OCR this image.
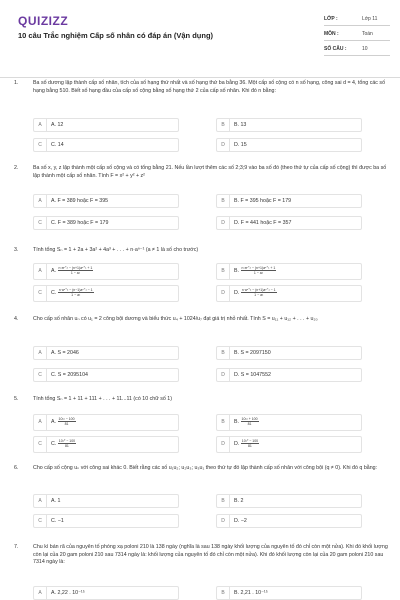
QUIZIZZ
10 câu Trắc nghiệm Cấp số nhân có đáp án (Vận dụng)
LỚP :	Lớp 11
MÔN :	Toán
SỐ CÂU :	10
1.	Ba số dương lập thành cấp số nhân, tích của số hạng thứ nhất và số hạng thứ ba bằng 36. Một cấp số cộng có n số hạng, công sai d = 4, tổng các số hạng bằng 510. Biết số hạng đầu của cấp số cộng bằng số hạng thứ 2 của cấp số nhân. Khi đó n bằng:
A	A. 12	B	B. 13
C	C. 14	D	D. 15
2.	Ba số x, y, z lập thành một cấp số cộng và có tổng bằng 21. Nếu lần lượt thêm các số 2;3;9 vào ba số đó (theo thứ tự của cấp số cộng) thì được ba số lập thành một cấp số nhân. Tính F = x² + y² + z²
A	A. F = 389 hoặc F = 395	B	B. F = 395 hoặc F = 179
C	C. F = 389 hoặc F = 179	D	D. F = 441 hoặc F = 357
3.	Tính tổng Sₙ = 1 + 2a + 3a² + 4a³ + . . . + n·aⁿ⁻¹ (a ≠ 1 là số cho trước)
A	A. $\frac{\text{n·aⁿ⁺² − (n+1)aⁿ⁺¹ + 1}}{\text{1 − a²}}$	B	B. $\frac{\text{n·aⁿ⁺² − (n+1)aⁿ⁺¹ + 1}}{\text{1 − a²}}$
C	C. $\frac{\text{n·aⁿ⁺² − (n−1)aⁿ⁺¹ − 1}}{\text{1 − a²}}$	D	D. $\frac{\text{n·aⁿ⁺² − (n+1)aⁿ⁺¹ − 1}}{\text{1 − a²}}$
4.	Cho cấp số nhân uₙ có u₁ = 2 công bội dương và biểu thức u₄ + 1024/u₇ đạt giá trị nhỏ nhất. Tính S = u₁₁ + u₁₂ + . . . + u₂₀
A	A. S = 2046	B	B. S = 2097150
C	C. S = 2095104	D	D. S = 1047552
5.	Tính tổng Sₙ = 1 + 11 + 111 + . . . + 11...11 (có 10 chữ số 1)
A	A. $\frac{\text{10¹¹ − 100}}{81}$	B	B. $\frac{\text{10¹¹ + 100}}{81}$
C	C. $\frac{\text{10¹⁰ − 100}}{81}$	D	D. $\frac{\text{10¹⁰ − 100}}{81}$
6.	Cho cấp số cộng uₙ với công sai khác 0. Biết rằng các số u₁u₂; u₂u₃; u₃u₁ theo thứ tự đó lập thành cấp số nhân với công bội (q ≠ 0). Khi đó q bằng:
A	A. 1	B	B. 2
C	C. −1	D	D. −2
7.	Chu kì bán rã của nguyên tố phóng xạ poloni 210 là 138 ngày (nghĩa là sau 138 ngày khối lượng của nguyên tố đó chỉ còn một nửa). Khi đó khối lượng còn lại của 20 gam poloni 210 sau 7314 ngày là: khối lượng của nguyên tố đó chỉ còn một nửa). Khi đó khối lượng còn lại của 20 gam poloni 210 sau 7314 ngày là:
A	A. 2,22 . 10⁻¹⁵	B	B. 2,21 . 10⁻¹⁵
